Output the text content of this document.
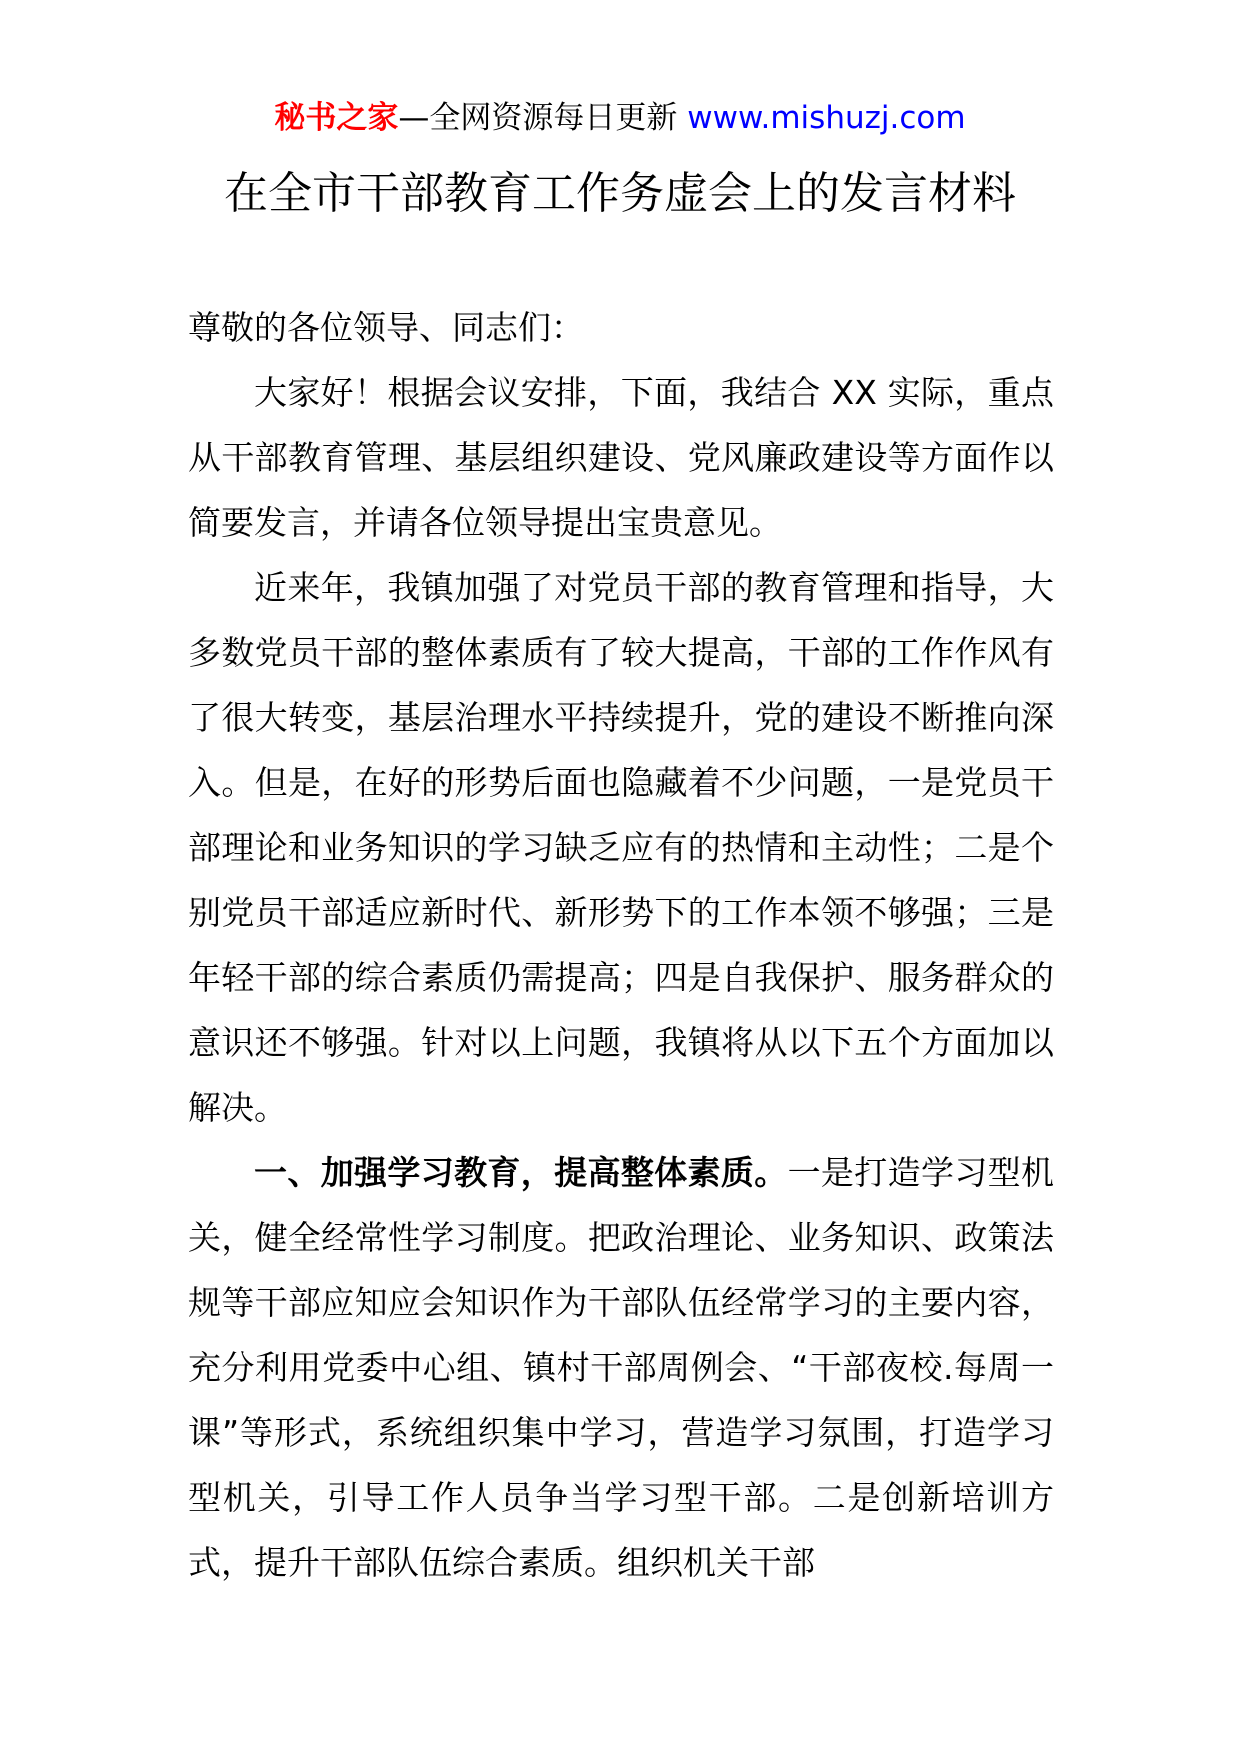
秘书之家—全网资源每日更新 www.mishuzj.com
在全市干部教育工作务虚会上的发言材料

尊敬的各位领导、同志们：

大家好！根据会议安排，下面，我结合 XX 实际，重点从干部教育管理、基层组织建设、党风廉政建设等方面作以简要发言，并请各位领导提出宝贵意见。

近来年，我镇加强了对党员干部的教育管理和指导，大多数党员干部的整体素质有了较大提高，干部的工作作风有了很大转变，基层治理水平持续提升，党的建设不断推向深入。但是，在好的形势后面也隐藏着不少问题，一是党员干部理论和业务知识的学习缺乏应有的热情和主动性；二是个别党员干部适应新时代、新形势下的工作本领不够强；三是年轻干部的综合素质仍需提高；四是自我保护、服务群众的意识还不够强。针对以上问题，我镇将从以下五个方面加以解决。

一、加强学习教育，提高整体素质。一是打造学习型机关，健全经常性学习制度。把政治理论、业务知识、政策法规等干部应知应会知识作为干部队伍经常学习的主要内容，充分利用党委中心组、镇村干部周例会、“干部夜校.每周一课”等形式，系统组织集中学习，营造学习氛围，打造学习型机关，引导工作人员争当学习型干部。二是创新培训方式，提升干部队伍综合素质。组织机关干部
